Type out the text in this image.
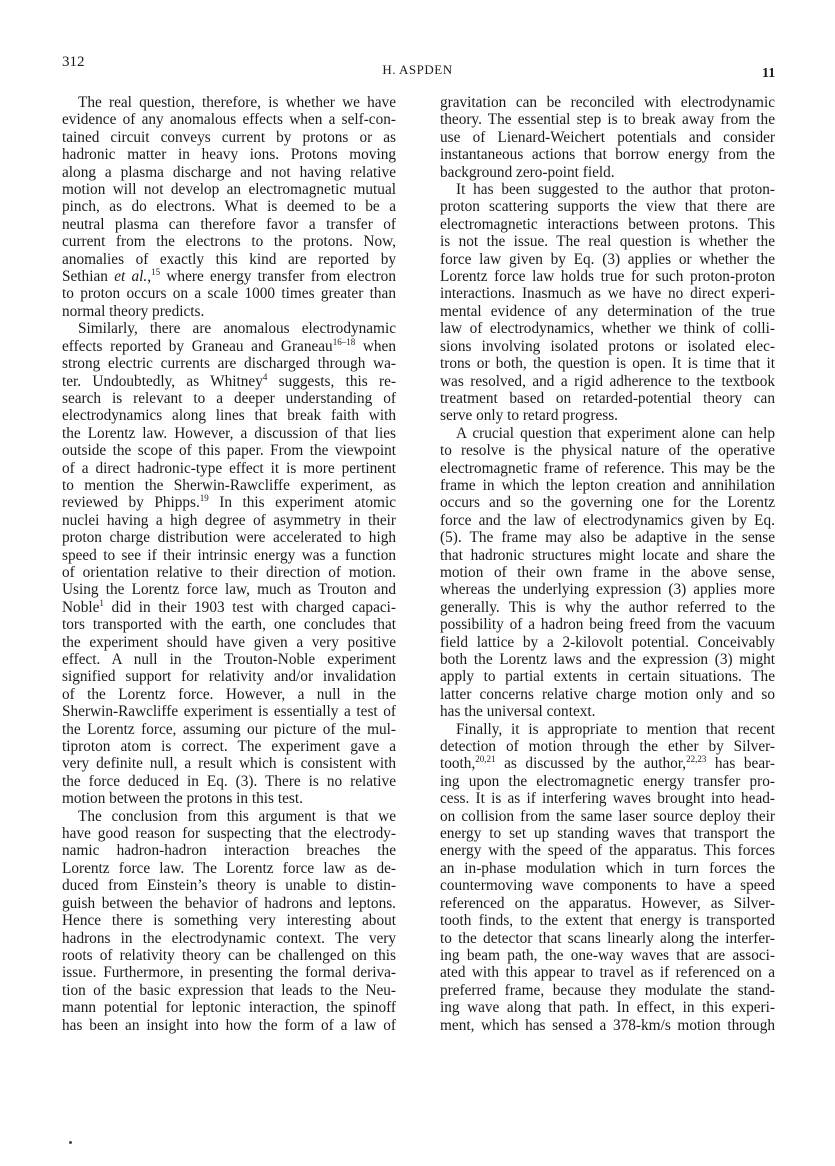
312	H. ASPDEN	11
The real question, therefore, is whether we have
evidence of any anomalous effects when a self-con-
tained circuit conveys current by protons or as
hadronic matter in heavy ions. Protons moving
along a plasma discharge and not having relative
motion will not develop an electromagnetic mutual
pinch, as do electrons. What is deemed to be a
neutral plasma can therefore favor a transfer of
current from the electrons to the protons. Now,
anomalies of exactly this kind are reported by
Sethian et al.,$^{15}$ where energy transfer from electron
to proton occurs on a scale 1000 times greater than
normal theory predicts.
Similarly, there are anomalous electrodynamic
effects reported by Graneau and Graneau$^{16-18}$ when
strong electric currents are discharged through wa-
ter. Undoubtedly, as Whitney$^4$ suggests, this re-
search is relevant to a deeper understanding of
electrodynamics along lines that break faith with
the Lorentz law. However, a discussion of that lies
outside the scope of this paper. From the viewpoint
of a direct hadronic-type effect it is more pertinent
to mention the Sherwin-Rawcliffe experiment, as
reviewed by Phipps.$^{19}$ In this experiment atomic
nuclei having a high degree of asymmetry in their
proton charge distribution were accelerated to high
speed to see if their intrinsic energy was a function
of orientation relative to their direction of motion.
Using the Lorentz force law, much as Trouton and
Noble$^1$ did in their 1903 test with charged capaci-
tors transported with the earth, one concludes that
the experiment should have given a very positive
effect. A null in the Trouton-Noble experiment
signified support for relativity and/or invalidation
of the Lorentz force. However, a null in the
Sherwin-Rawcliffe experiment is essentially a test of
the Lorentz force, assuming our picture of the mul-
tiproton atom is correct. The experiment gave a
very definite null, a result which is consistent with
the force deduced in Eq. (3). There is no relative
motion between the protons in this test.
The conclusion from this argument is that we
have good reason for suspecting that the electrody-
namic hadron-hadron interaction breaches the
Lorentz force law. The Lorentz force law as de-
duced from Einstein’s theory is unable to distin-
guish between the behavior of hadrons and leptons.
Hence there is something very interesting about
hadrons in the electrodynamic context. The very
roots of relativity theory can be challenged on this
issue. Furthermore, in presenting the formal deriva-
tion of the basic expression that leads to the Neu-
mann potential for leptonic interaction, the spinoff
has been an insight into how the form of a law of
gravitation can be reconciled with electrodynamic
theory. The essential step is to break away from the
use of Lienard-Weichert potentials and consider
instantaneous actions that borrow energy from the
background zero-point field.
It has been suggested to the author that proton-
proton scattering supports the view that there are
electromagnetic interactions between protons. This
is not the issue. The real question is whether the
force law given by Eq. (3) applies or whether the
Lorentz force law holds true for such proton-proton
interactions. Inasmuch as we have no direct experi-
mental evidence of any determination of the true
law of electrodynamics, whether we think of colli-
sions involving isolated protons or isolated elec-
trons or both, the question is open. It is time that it
was resolved, and a rigid adherence to the textbook
treatment based on retarded-potential theory can
serve only to retard progress.
A crucial question that experiment alone can help
to resolve is the physical nature of the operative
electromagnetic frame of reference. This may be the
frame in which the lepton creation and annihilation
occurs and so the governing one for the Lorentz
force and the law of electrodynamics given by Eq.
(5). The frame may also be adaptive in the sense
that hadronic structures might locate and share the
motion of their own frame in the above sense,
whereas the underlying expression (3) applies more
generally. This is why the author referred to the
possibility of a hadron being freed from the vacuum
field lattice by a 2-kilovolt potential. Conceivably
both the Lorentz laws and the expression (3) might
apply to partial extents in certain situations. The
latter concerns relative charge motion only and so
has the universal context.
Finally, it is appropriate to mention that recent
detection of motion through the ether by Silver-
tooth,$^{20,21}$ as discussed by the author,$^{22,23}$ has bear-
ing upon the electromagnetic energy transfer pro-
cess. It is as if interfering waves brought into head-
on collision from the same laser source deploy their
energy to set up standing waves that transport the
energy with the speed of the apparatus. This forces
an in-phase modulation which in turn forces the
countermoving wave components to have a speed
referenced on the apparatus. However, as Silver-
tooth finds, to the extent that energy is transported
to the detector that scans linearly along the interfer-
ing beam path, the one-way waves that are associ-
ated with this appear to travel as if referenced on a
preferred frame, because they modulate the stand-
ing wave along that path. In effect, in this experi-
ment, which has sensed a 378-km/s motion through
